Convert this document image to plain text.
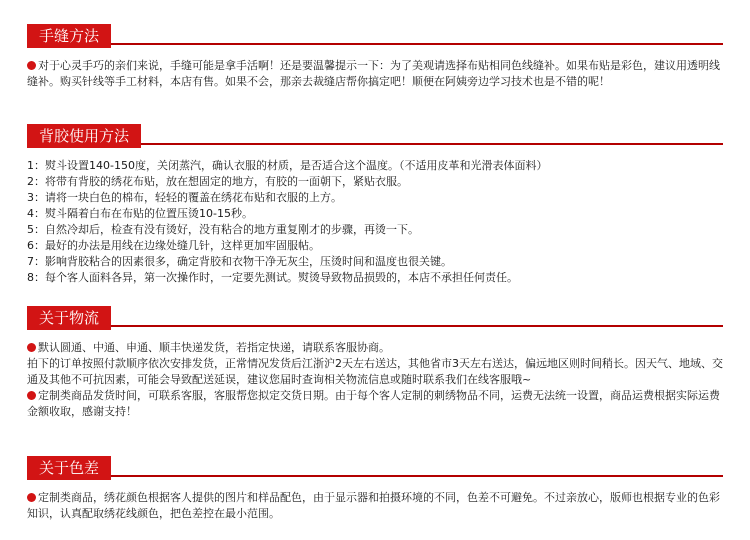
手缝方法

对于心灵手巧的亲们来说，手缝可能是拿手活啊！还是要温馨提示一下：为了美观请选择布贴相同色线缝补。如果布贴是彩色，建议用透明线缝补。购买针线等手工材料，本店有售。如果不会，那亲去裁缝店帮你搞定吧！顺便在阿姨旁边学习技术也是不错的呢！

背胶使用方法
1：熨斗设置140-150度，关闭蒸汽，确认衣服的材质，是否适合这个温度。（不适用皮革和光滑表体面料）
2：将带有背胶的绣花布贴，放在想固定的地方，有胶的一面朝下，紧贴衣服。
3：请将一块白色的棉布，轻轻的覆盖在绣花布贴和衣服的上方。
4：熨斗隔着白布在布贴的位置压烫10-15秒。
5：自然冷却后，检查有没有烫好，没有粘合的地方重复刚才的步骤，再烫一下。
6：最好的办法是用线在边缘处缝几针，这样更加牢固服帖。
7：影响背胶粘合的因素很多，确定背胶和衣物干净无灰尘，压烫时间和温度也很关键。
8：每个客人面料各异，第一次操作时，一定要先测试。熨烫导致物品损毁的，本店不承担任何责任。
关于物流

默认圆通、中通、申通、顺丰快递发货，若指定快递，请联系客服协商。

拍下的订单按照付款顺序依次安排发货，正常情况发货后江浙沪2天左右送达，其他省市3天左右送达，偏远地区则时间稍长。因天气、地域、交通及其他不可抗因素，可能会导致配送延误，建议您届时查询相关物流信息或随时联系我们在线客服哦~

定制类商品发货时间，可联系客服，客服帮您拟定交货日期。由于每个客人定制的刺绣物品不同，运费无法统一设置，商品运费根据实际运费金额收取，感谢支持！

关于色差

定制类商品，绣花颜色根据客人提供的图片和样品配色，由于显示器和拍摄环境的不同，色差不可避免。不过亲放心，版师也根据专业的色彩知识，认真配取绣花线颜色，把色差控在最小范围。
